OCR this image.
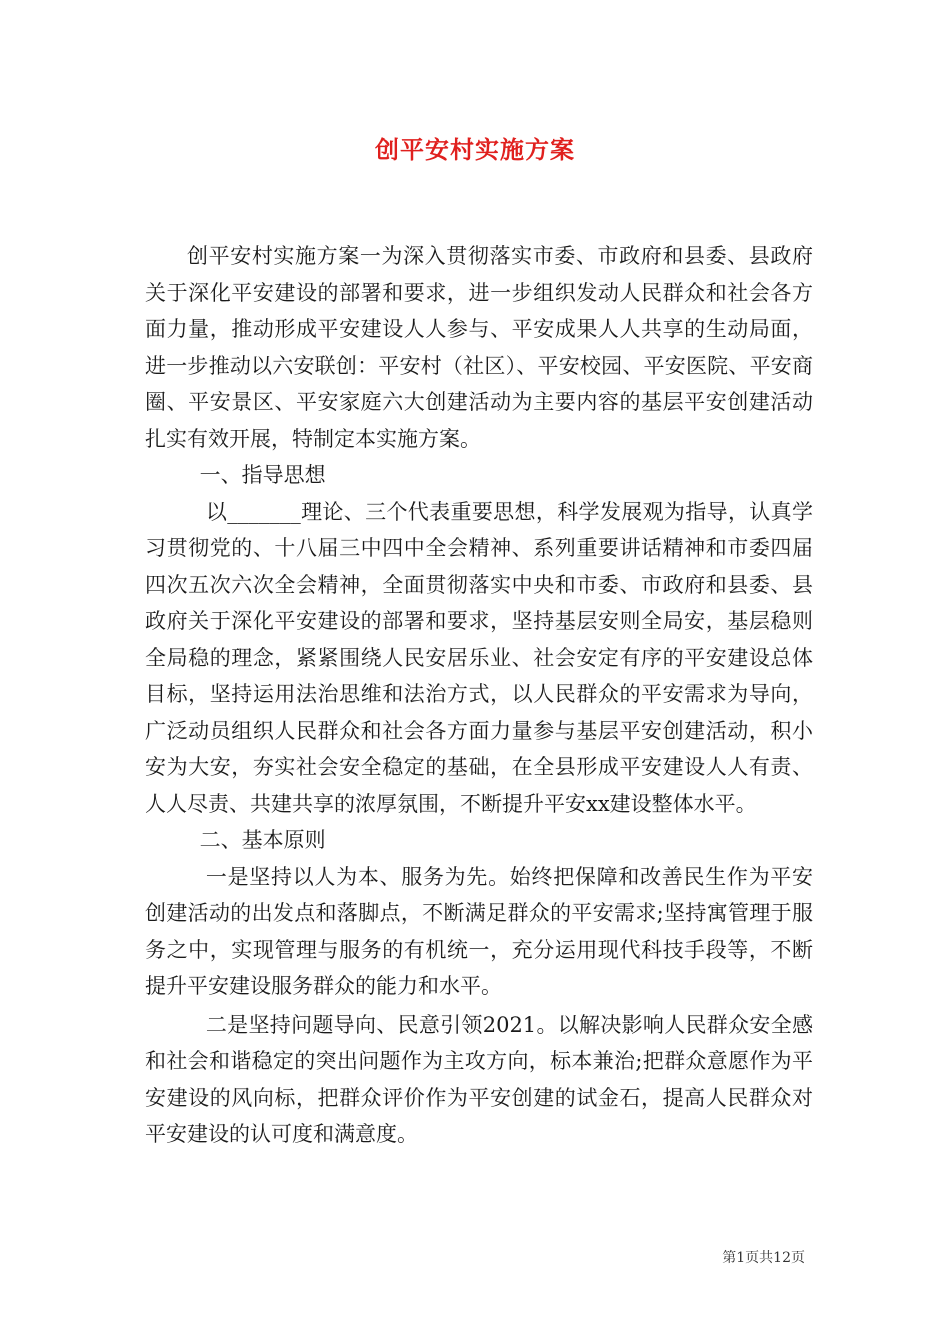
创平安村实施方案

创平安村实施方案一为深入贯彻落实市委、市政府和县委、县政府关于深化平安建设的部署和要求，进一步组织发动人民群众和社会各方面力量，推动形成平安建设人人参与、平安成果人人共享的生动局面，进一步推动以六安联创：平安村（社区）、平安校园、平安医院、平安商圈、平安景区、平安家庭六大创建活动为主要内容的基层平安创建活动扎实有效开展，特制定本实施方案。

一、指导思想

以_______理论、三个代表重要思想，科学发展观为指导，认真学习贯彻党的、十八届三中四中全会精神、系列重要讲话精神和市委四届四次五次六次全会精神，全面贯彻落实中央和市委、市政府和县委、县政府关于深化平安建设的部署和要求，坚持基层安则全局安，基层稳则全局稳的理念，紧紧围绕人民安居乐业、社会安定有序的平安建设总体目标，坚持运用法治思维和法治方式，以人民群众的平安需求为导向，广泛动员组织人民群众和社会各方面力量参与基层平安创建活动，积小安为大安，夯实社会安全稳定的基础，在全县形成平安建设人人有责、人人尽责、共建共享的浓厚氛围，不断提升平安xx建设整体水平。

二、基本原则

一是坚持以人为本、服务为先。始终把保障和改善民生作为平安创建活动的出发点和落脚点，不断满足群众的平安需求;坚持寓管理于服务之中，实现管理与服务的有机统一，充分运用现代科技手段等，不断提升平安建设服务群众的能力和水平。

二是坚持问题导向、民意引领2021。以解决影响人民群众安全感和社会和谐稳定的突出问题作为主攻方向，标本兼治;把群众意愿作为平安建设的风向标，把群众评价作为平安创建的试金石，提高人民群众对平安建设的认可度和满意度。

第1页共12页
